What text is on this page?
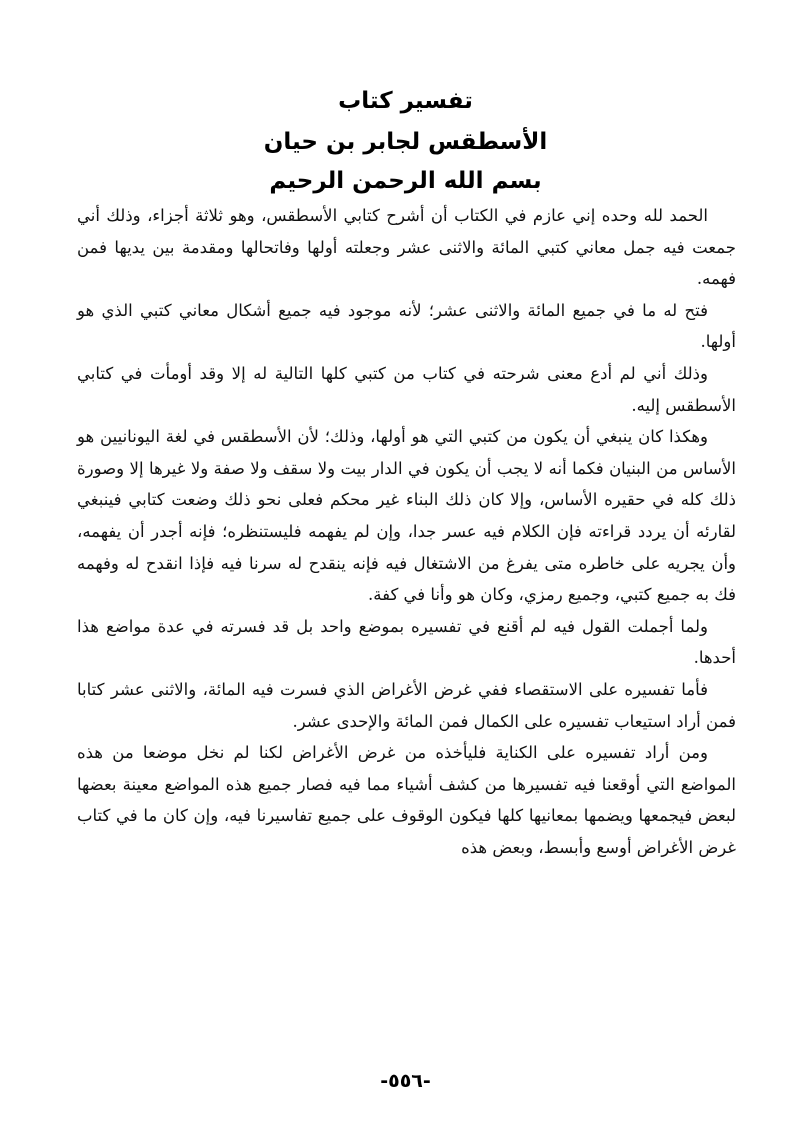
تفسير كتاب
الأسطقس لجابر بن حيان
بسم الله الرحمن الرحيم

الحمد لله وحده إني عازم في الكتاب أن أشرح كتابي الأسطقس، وهو ثلاثة أجزاء، وذلك أني جمعت فيه جمل معاني كتبي المائة والاثنى عشر وجعلته أولها وفاتحالها ومقدمة بين يديها فمن فهمه.

فتح له ما في جميع المائة والاثنى عشر؛ لأنه موجود فيه جميع أشكال معاني كتبي الذي هو أولها.

وذلك أني لم أدع معنى شرحته في كتاب من كتبي كلها التالية له إلا وقد أومأت في كتابي الأسطقس إليه.

وهكذا كان ينبغي أن يكون من كتبي التي هو أولها، وذلك؛ لأن الأسطقس في لغة اليونانيين هو الأساس من البنيان فكما أنه لا يجب أن يكون في الدار بيت ولا سقف ولا صفة ولا غيرها إلا وصورة ذلك كله في حقيره الأساس، وإلا كان ذلك البناء غير محكم فعلى نحو ذلك وضعت كتابي فينبغي لقارئه أن يردد قراءته فإن الكلام فيه عسر جدا، وإن لم يفهمه فليستنظره؛ فإنه أجدر أن يفهمه، وأن يجريه على خاطره متى يفرغ من الاشتغال فيه فإنه ينقدح له سرنا فيه فإذا انقدح له وفهمه فك به جميع كتبي، وجميع رمزي، وكان هو وأنا في كفة.

ولما أجملت القول فيه لم أقنع في تفسيره بموضع واحد بل قد فسرته في عدة مواضع هذا أحدها.

فأما تفسيره على الاستقصاء ففي غرض الأغراض الذي فسرت فيه المائة، والاثنى عشر كتابا فمن أراد استيعاب تفسيره على الكمال فمن المائة والإحدى عشر.

ومن أراد تفسيره على الكناية فليأخذه من غرض الأغراض لكنا لم نخل موضعا من هذه المواضع التي أوقعنا فيه تفسيرها من كشف أشياء مما فيه فصار جميع هذه المواضع معينة بعضها لبعض فيجمعها ويضمها بمعانيها كلها فيكون الوقوف على جميع تفاسيرنا فيه، وإن كان ما في كتاب غرض الأغراض أوسع وأبسط، وبعض هذه

-٥٥٦-
